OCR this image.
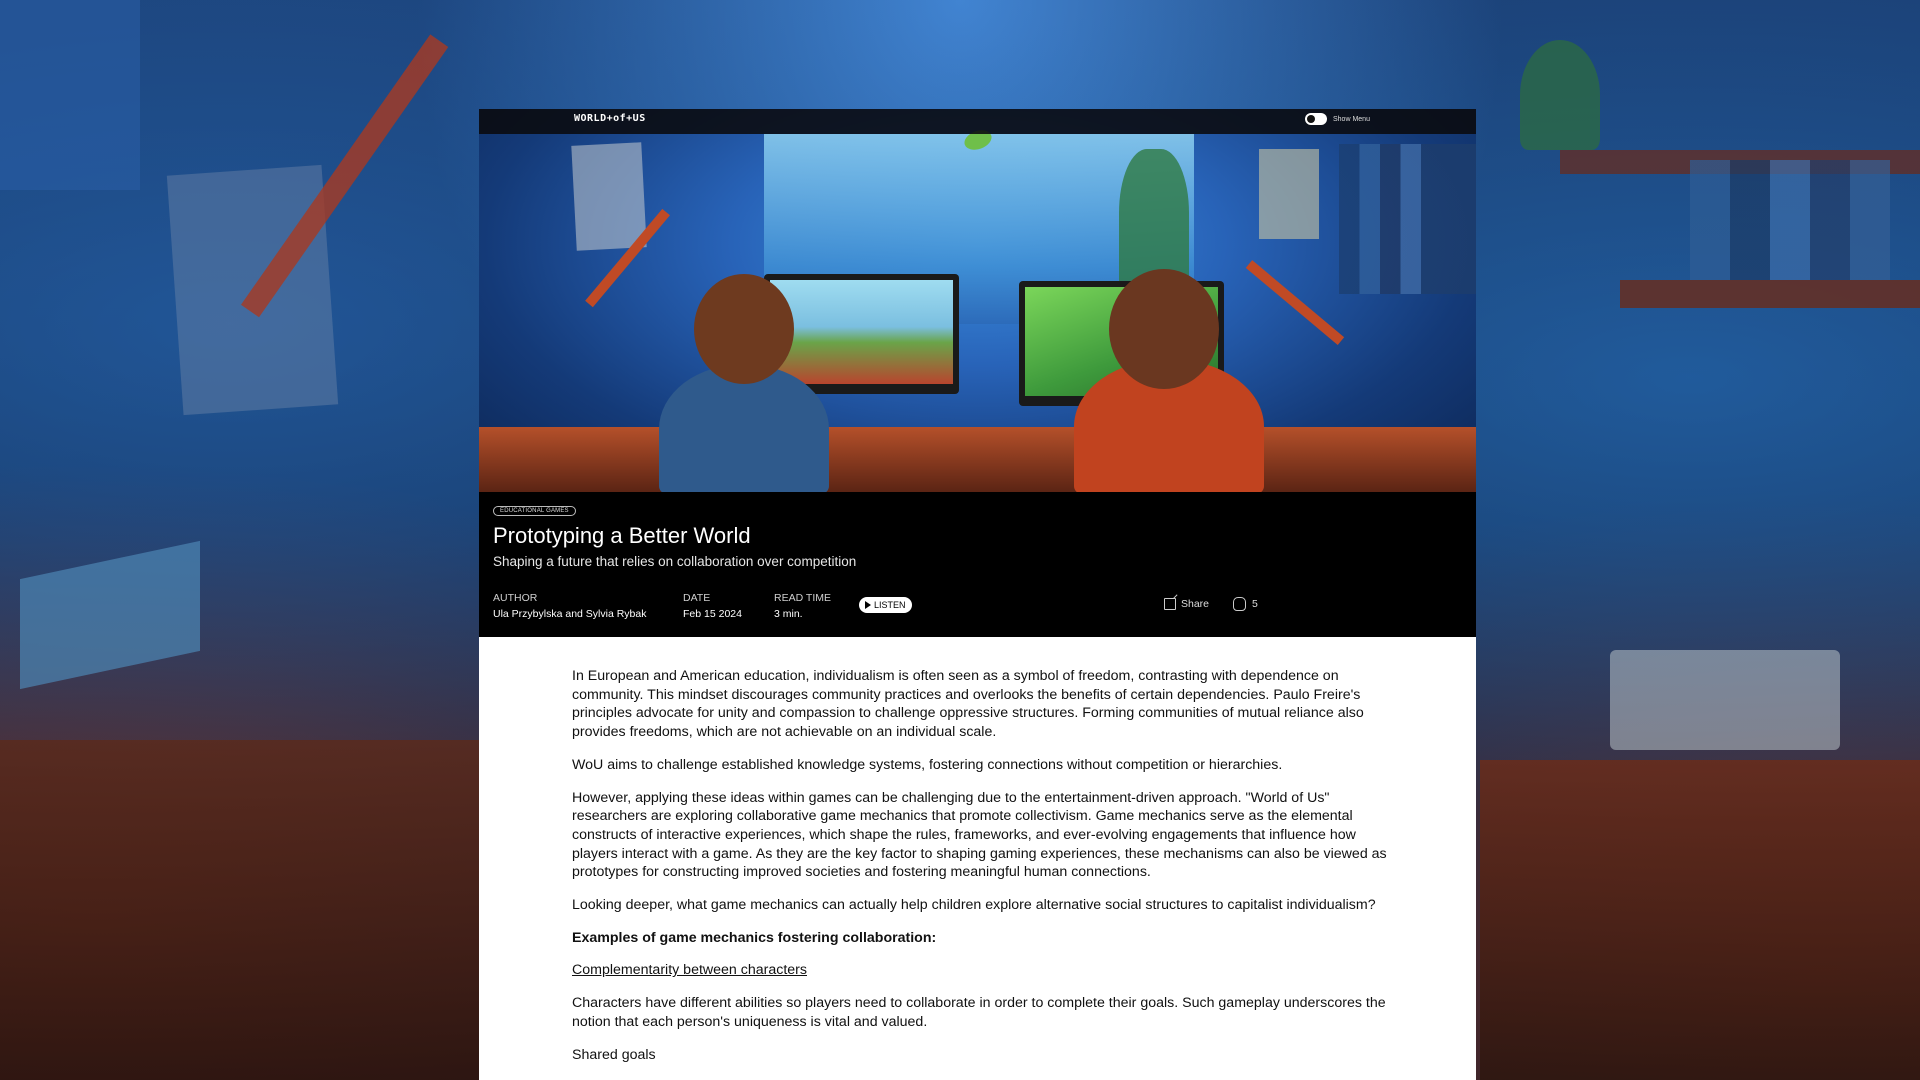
WORLD+of+US	Show Menu
EDUCATIONAL GAMES
Prototyping a Better World
Shaping a future that relies on collaboration over competition
AUTHOR
Ula Przybylska and Sylvia Rybak
DATE
Feb 15 2024
READ TIME
3 min.
LISTEN	Share	5

In European and American education, individualism is often seen as a symbol of freedom, contrasting with dependence on community. This mindset discourages community practices and overlooks the benefits of certain dependencies. Paulo Freire's principles advocate for unity and compassion to challenge oppressive structures. Forming communities of mutual reliance also provides freedoms, which are not achievable on an individual scale.

WoU aims to challenge established knowledge systems, fostering connections without competition or hierarchies.

However, applying these ideas within games can be challenging due to the entertainment-driven approach. "World of Us" researchers are exploring collaborative game mechanics that promote collectivism. Game mechanics serve as the elemental constructs of interactive experiences, which shape the rules, frameworks, and ever-evolving engagements that influence how players interact with a game. As they are the key factor to shaping gaming experiences, these mechanisms can also be viewed as prototypes for constructing improved societies and fostering meaningful human connections.

Looking deeper, what game mechanics can actually help children explore alternative social structures to capitalist individualism?

Examples of game mechanics fostering collaboration:

Complementarity between characters

Characters have different abilities so players need to collaborate in order to complete their goals. Such gameplay underscores the notion that each person's uniqueness is vital and valued.

Shared goals
